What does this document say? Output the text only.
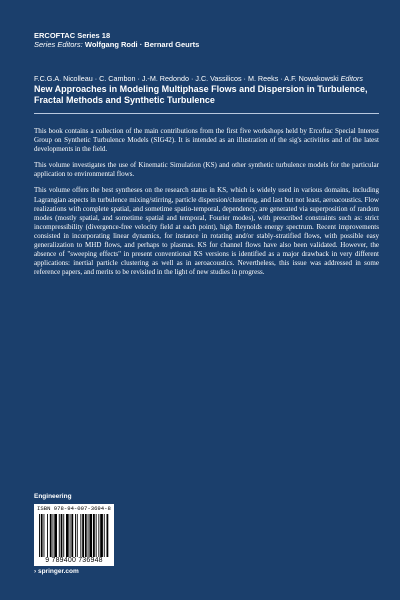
ERCOFTAC Series 18
Series Editors: Wolfgang Rodi · Bernard Geurts
F.C.G.A. Nicolleau · C. Cambon · J.-M. Redondo · J.C. Vassilicos · M. Reeks · A.F. Nowakowski Editors
New Approaches in Modeling Multiphase Flows and Dispersion in Turbulence, Fractal Methods and Synthetic Turbulence

This book contains a collection of the main contributions from the first five workshops held by Ercoftac Special Interest Group on Synthetic Turbulence Models (SIG42). It is intended as an illustration of the sig's activities and of the latest developments in the field.

This volume investigates the use of Kinematic Simulation (KS) and other synthetic turbulence models for the particular application to environmental flows.

This volume offers the best syntheses on the research status in KS, which is widely used in various domains, including Lagrangian aspects in turbulence mixing/stirring, particle dispersion/clustering, and last but not least, aeroacoustics. Flow realizations with complete spatial, and sometime spatio-temporal, dependency, are generated via superposition of random modes (mostly spatial, and sometime spatial and temporal, Fourier modes), with prescribed constraints such as: strict incompressibility (divergence-free velocity field at each point), high Reynolds energy spectrum. Recent improvements consisted in incorporating linear dynamics, for instance in rotating and/or stably-stratified flows, with possible easy generalization to MHD flows, and perhaps to plasmas. KS for channel flows have also been validated. However, the absence of "sweeping effects" in present conventional KS versions is identified as a major drawback in very different applications: inertial particle clustering as well as in aeroacoustics. Nevertheless, this issue was addressed in some reference papers, and merits to be revisited in the light of new studies in progress.

Engineering
ISBN 978-94-007-3694-8
9 789400 736948
› springer.com
